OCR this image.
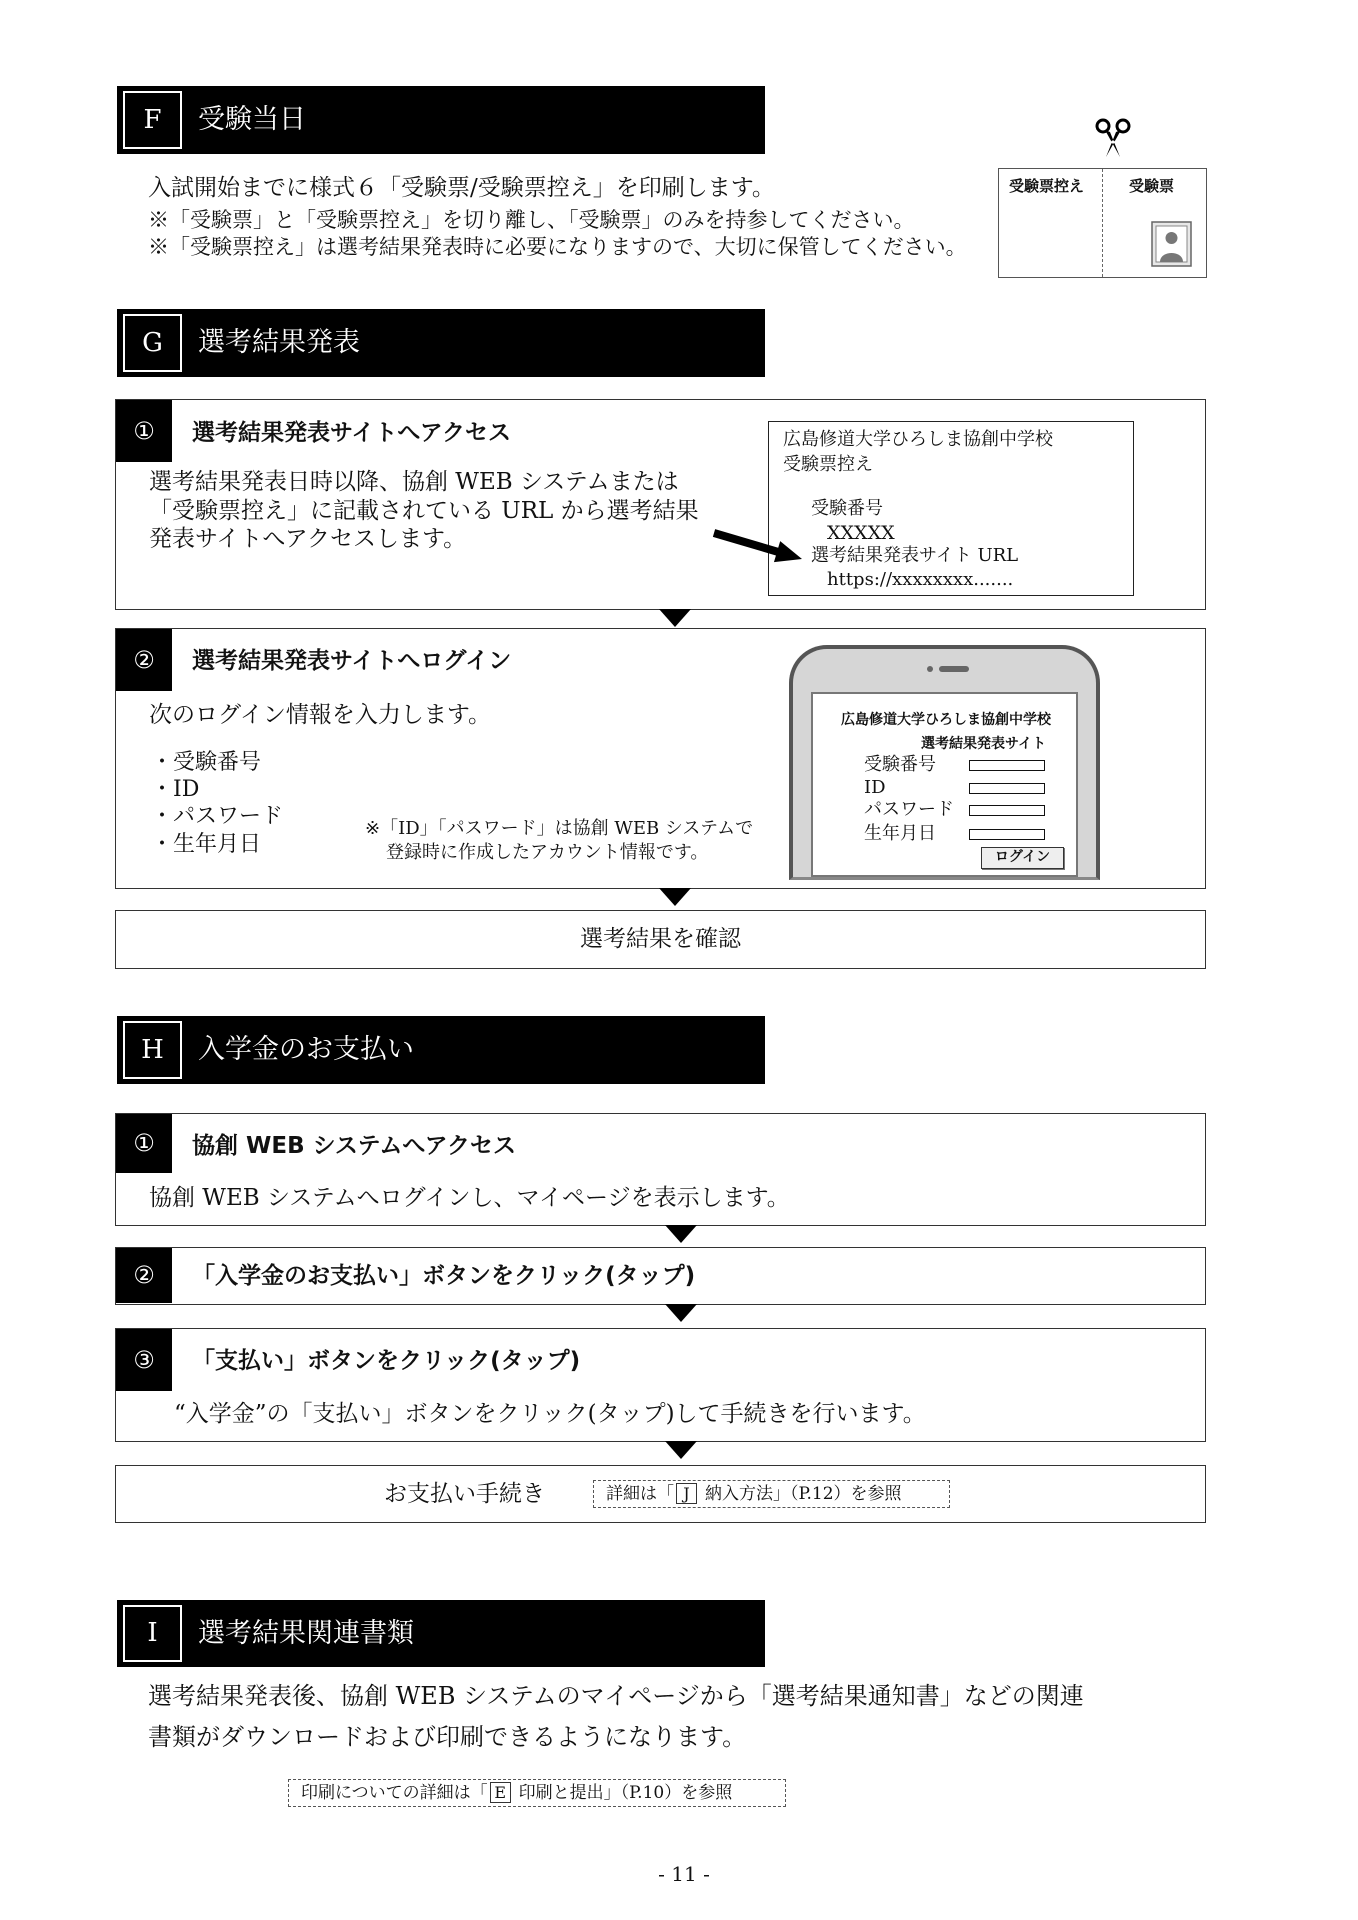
F	受験当日
入試開始までに様式６「受験票/受験票控え」を印刷します。
※「受験票」と「受験票控え」を切り離し、「受験票」のみを持参してください。
※「受験票控え」は選考結果発表時に必要になりますので、大切に保管してください。
受験票控え	受験票
G	選考結果発表
①	選考結果発表サイトへアクセス
選考結果発表日時以降、協創 WEB システムまたは
「受験票控え」に記載されている URL から選考結果
発表サイトへアクセスします。
広島修道大学ひろしま協創中学校
受験票控え
受験番号
XXXXX
選考結果発表サイト URL
https://xxxxxxxx.......
②	選考結果発表サイトへログイン
次のログイン情報を入力します。
・受験番号
・ID
・パスワード
・生年月日
※「ID」「パスワード」は協創 WEB システムで
登録時に作成したアカウント情報です。
広島修道大学ひろしま協創中学校
選考結果発表サイト
受験番号
ID
パスワード
生年月日
ログイン
選考結果を確認
H	入学金のお支払い
①	協創 WEB システムへアクセス
協創 WEB システムへログインし、マイページを表示します。
②	「入学金のお支払い」ボタンをクリック(タップ)
③	「支払い」ボタンをクリック(タップ)
“入学金”の「支払い」ボタンをクリック(タップ)して手続きを行います。
お支払い手続き	詳細は「 J 納入方法」（P.12）を参照
I	選考結果関連書類
選考結果発表後、協創 WEB システムのマイページから「選考結果通知書」などの関連
書類がダウンロードおよび印刷できるようになります。
印刷についての詳細は「 E 印刷と提出」（P.10）を参照
- 11 -
